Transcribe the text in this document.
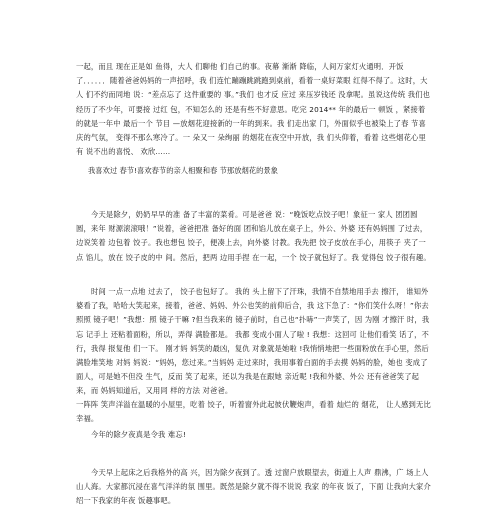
一起，而且 现在正是如 鱼得，大人 们聊他 们自己的事。夜幕 渐渐 降临，人间万家灯火通明．开饭了．．．．．．随着爸爸妈妈的一声招呼，我 们连忙蹦蹦跳跳跑到桌前，看着一桌好菜眼 红得不得了。这时，大人 们不约而同地 说：“差点忘了 这件重要的 事。”我们 也才反 应过 来压岁钱还 没拿呢。虽说这传统 我们也经历了不少年，可要接 过红 包，不知怎么的 还是有些不好意思。吃完 2014** 年的最后一 顿饭 ，紧接着的就是一年中 最后一个 节目 —放烟花迎接新的一年的到来。我 们走出家 门，外面似乎也被染上了春 节喜 庆的气氛， 变得不那么寒冷了。一 朵又一 朵绚丽 的烟花在夜空中开放，我 们头仰着，看着 这些烟花心里有 说不出的喜悦、 欢欣……

我喜欢过 春节!喜欢春节的亲人相聚和春 节那放烟花的景象

今天是除夕，奶奶早早的准 备了丰富的菜肴。可是爸爸 说：“晚饭吃点饺子吧！象征一 家人 团团圆圆，来年 财源滚滚哦！”说着，爸爸把准 备好的面 团和馅儿放在桌子上，外公、外婆 还有妈妈围 了过去， 边说笑着 边包着 饺子。我也想包 饺子，便凑上去，向外婆 讨教。我先把 饺子皮放在手心，用筷子 夹了一点 馅儿，放在 饺子皮的中 间。然后，把两 边用手捏 在一起，一个 饺子就包好了。我 觉得包 饺子很有趣。

时间 一点一点地 过去了， 饺子也包好了。 我的 头上留下了汗珠，我情不自禁地用手去 擦汗， 谁知外婆看了我，哈哈大笑起来，接着，爸爸、妈妈、外公也笑的前仰后合，我 这下急了：“你们笑什么呀！”你去照照 镜子吧！”我想：照 镜子干嘛 ?但当我来的 镜子前时，自己也“扑哧”一声笑了，因 为刚 才擦汗 时，我忘 记手上 还粘着面粉，所以，弄得 满脸都是。 我都 变成小面人了啦 ! 我想：这回可 让他们看笑 话了，不行，我得 报复他 们一下。 刚才妈 妈笑的最凶，复仇 对象就是她啦 !我悄悄地把一些面粉放在手心里，然后 满脸堆笑地 对妈 妈说：“妈妈，您过来。”当妈妈 走过来时，我用事着白面的手去摸 妈妈的脸，她也 变成了 面人，可是她不但没 生气，反而 笑了起来，还以为我是在跟她 亲近呢 !我和外婆、外公 还有爸爸笑了起 来，而 妈妈知道后，又用同 样的方法 对爸爸。

一阵阵 笑声洋溢在温暖的小屋里，吃着 饺子，听着窗外此起彼伏鞭炮声，看着 灿烂的 烟花， 让人感到无比幸福。

今年的除夕夜真是令我 难忘!

今天早上起床之后我格外的高 兴，因为除夕夜到了。透 过窗户放眼望去，街道上人声 鼎沸，广 场上人山人海。大家都沉浸在喜气洋洋的氛 围里。既然是除夕就不得不说说 我家 的年夜 饭了，下面 让我向大家介 绍一下我家的年夜 饭趣事吧。
